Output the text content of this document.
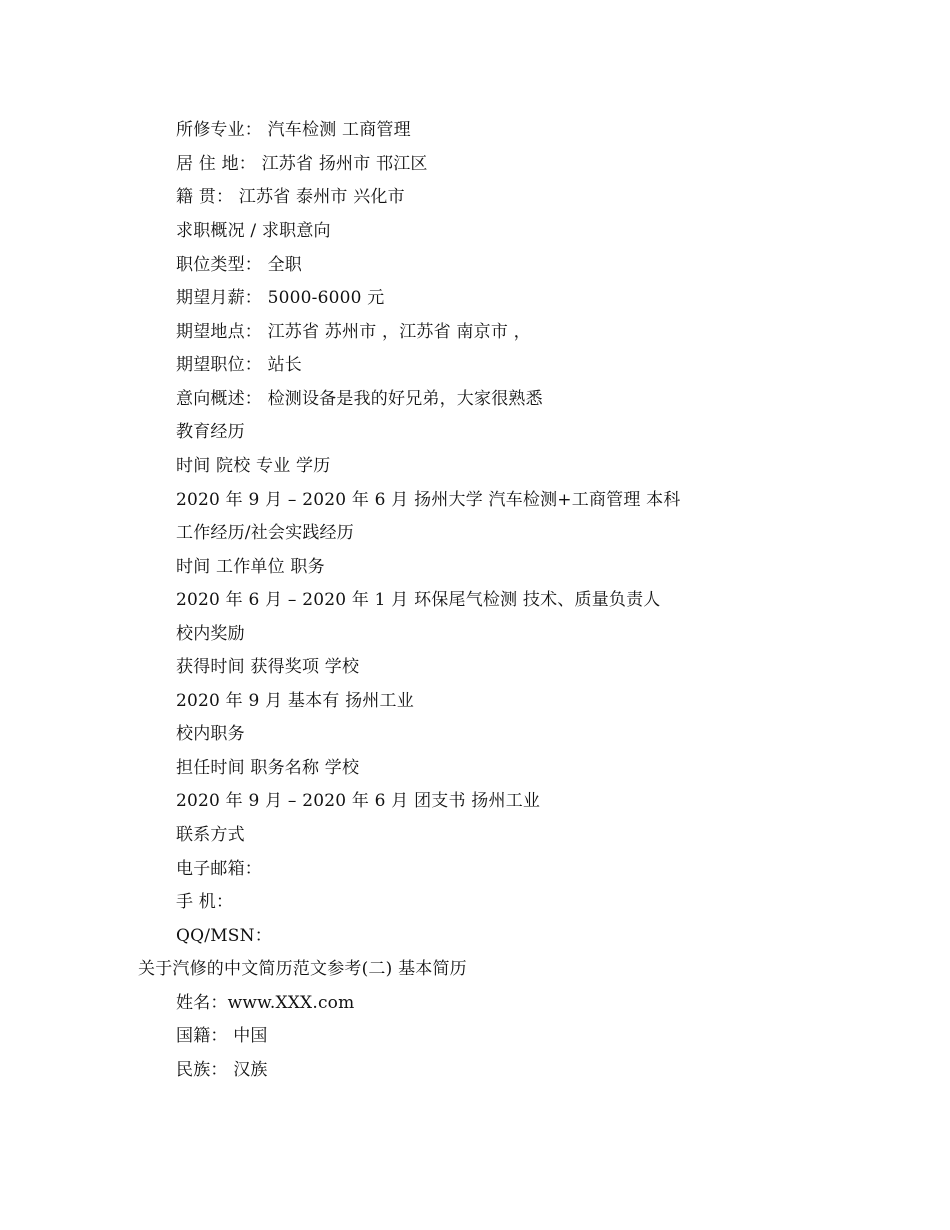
所修专业： 汽车检测 工商管理
居 住 地： 江苏省 扬州市 邗江区
籍 贯： 江苏省 泰州市 兴化市
求职概况 / 求职意向
职位类型： 全职
期望月薪： 5000-6000 元
期望地点： 江苏省 苏州市 ，江苏省 南京市 ，
期望职位： 站长
意向概述： 检测设备是我的好兄弟，大家很熟悉
教育经历
时间 院校 专业 学历
2020 年 9 月 – 2020 年 6 月 扬州大学 汽车检测+工商管理 本科
工作经历/社会实践经历
时间 工作单位 职务
2020 年 6 月 – 2020 年 1 月 环保尾气检测 技术、质量负责人
校内奖励
获得时间 获得奖项 学校
2020 年 9 月 基本有 扬州工业
校内职务
担任时间 职务名称 学校
2020 年 9 月 – 2020 年 6 月 团支书 扬州工业
联系方式
电子邮箱：
手 机：
QQ/MSN：
关于汽修的中文简历范文参考(二) 基本简历
姓名：www.XXX.com
国籍： 中国
民族： 汉族
